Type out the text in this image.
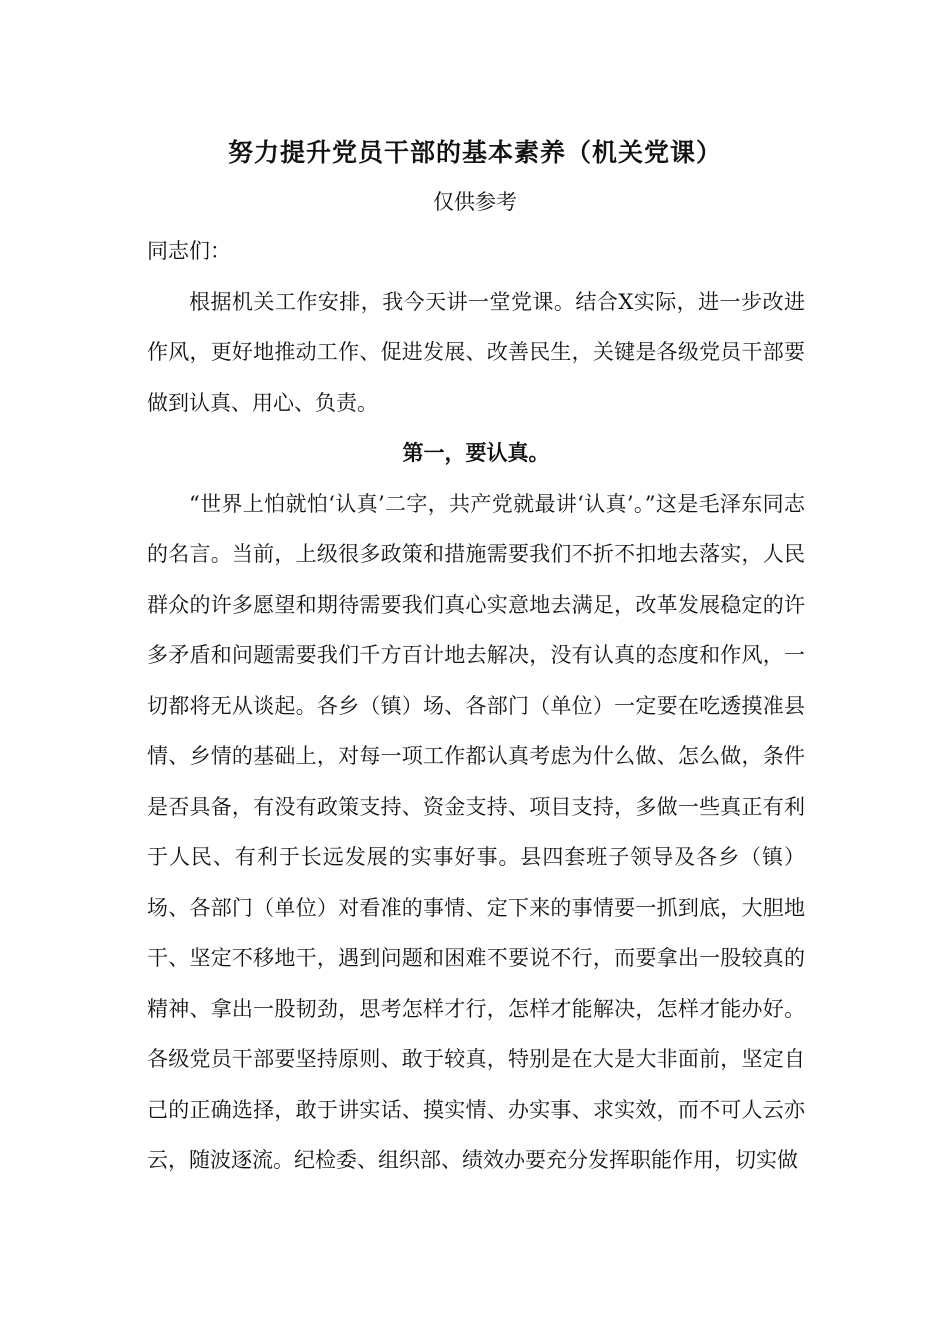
努力提升党员干部的基本素养（机关党课）
仅供参考

同志们：

根据机关工作安排，我今天讲一堂党课。结合X实际，进一步改进作风，更好地推动工作、促进发展、改善民生，关键是各级党员干部要做到认真、用心、负责。

第一，要认真。

“世界上怕就怕‘认真’二字，共产党就最讲‘认真’。”这是毛泽东同志的名言。当前，上级很多政策和措施需要我们不折不扣地去落实，人民群众的许多愿望和期待需要我们真心实意地去满足，改革发展稳定的许多矛盾和问题需要我们千方百计地去解决，没有认真的态度和作风，一切都将无从谈起。各乡（镇）场、各部门（单位）一定要在吃透摸准县情、乡情的基础上，对每一项工作都认真考虑为什么做、怎么做，条件是否具备，有没有政策支持、资金支持、项目支持，多做一些真正有利于人民、有利于长远发展的实事好事。县四套班子领导及各乡（镇）场、各部门（单位）对看准的事情、定下来的事情要一抓到底，大胆地干、坚定不移地干，遇到问题和困难不要说不行，而要拿出一股较真的精神、拿出一股韧劲，思考怎样才行，怎样才能解决，怎样才能办好。各级党员干部要坚持原则、敢于较真，特别是在大是大非面前，坚定自己的正确选择，敢于讲实话、摸实情、办实事、求实效，而不可人云亦云，随波逐流。纪检委、组织部、绩效办要充分发挥职能作用，切实做
